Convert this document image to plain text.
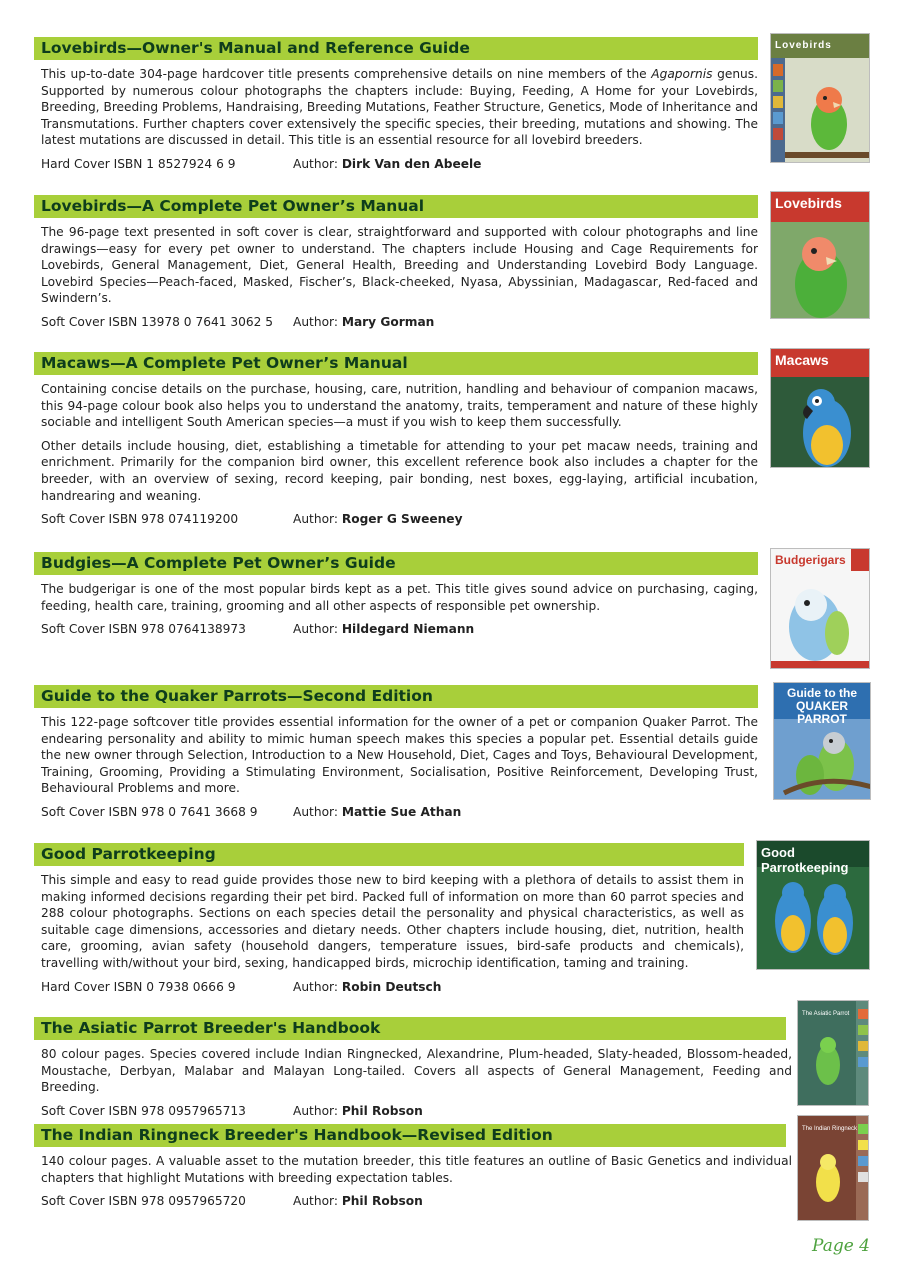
Lovebirds—Owner's Manual and Reference Guide

This up-to-date 304-page hardcover title presents comprehensive details on nine members of the Agapornis genus. Supported by numerous colour photographs the chapters include: Buying, Feeding, A Home for your Lovebirds, Breeding, Breeding Problems, Handraising, Breeding Mutations, Feather Structure, Genetics, Mode of Inheritance and Transmutations. Further chapters cover extensively the specific species, their breeding, mutations and showing. The latest mutations are discussed in detail. This title is an essential resource for all lovebird breeders.

Hard Cover ISBN 1 8527924 6 9	Author: Dirk Van den Abeele
Lovebirds
Lovebirds—A Complete Pet Owner’s Manual

The 96-page text presented in soft cover is clear, straightforward and supported with colour photographs and line drawings—easy for every pet owner to understand. The chapters include Housing and Cage Requirements for Lovebirds, General Management, Diet, General Health, Breeding and Understanding Lovebird Body Language. Lovebird Species—Peach-faced, Masked, Fischer’s, Black-cheeked, Nyasa, Abyssinian, Madagascar, Red-faced and Swindern’s.

Soft Cover ISBN 13978 0 7641 3062 5 Author: Mary Gorman
Lovebirds
Macaws—A Complete Pet Owner’s Manual

Containing concise details on the purchase, housing, care, nutrition, handling and behaviour of companion macaws, this 94-page colour book also helps you to understand the anatomy, traits, temperament and nature of these highly sociable and intelligent South American species—a must if you wish to keep them successfully.

Other details include housing, diet, establishing a timetable for attending to your pet macaw needs, training and enrichment. Primarily for the companion bird owner, this excellent reference book also includes a chapter for the breeder, with an overview of sexing, record keeping, pair bonding, nest boxes, egg-laying, artificial incubation, handrearing and weaning.

Soft Cover ISBN 978 074119200	Author: Roger G Sweeney
Macaws
Budgies—A Complete Pet Owner’s Guide

The budgerigar is one of the most popular birds kept as a pet. This title gives sound advice on purchasing, caging, feeding, health care, training, grooming and all other aspects of responsible pet ownership.

Soft Cover ISBN 978 0764138973	Author: Hildegard Niemann
Budgerigars
Guide to the Quaker Parrots—Second Edition

This 122-page softcover title provides essential information for the owner of a pet or companion Quaker Parrot. The endearing personality and ability to mimic human speech makes this species a popular pet. Essential details guide the new owner through Selection, Introduction to a New Household, Diet, Cages and Toys, Behavioural Development, Training, Grooming, Providing a Stimulating Environment, Socialisation, Positive Reinforcement, Developing Trust, Behavioural Problems and more.

Soft Cover ISBN 978 0 7641 3668 9	Author: Mattie Sue Athan
Guide to the QUAKER PARROT
Good Parrotkeeping

This simple and easy to read guide provides those new to bird keeping with a plethora of details to assist them in making informed decisions regarding their pet bird. Packed full of information on more than 60 parrot species and 288 colour photographs. Sections on each species detail the personality and physical characteristics, as well as suitable cage dimensions, accessories and dietary needs. Other chapters include housing, diet, nutrition, health care, grooming, avian safety (household dangers, temperature issues, bird-safe products and chemicals), travelling with/without your bird, sexing, handicapped birds, microchip identification, taming and training.

Hard Cover ISBN 0 7938 0666 9	Author: Robin Deutsch
Good Parrotkeeping
The Asiatic Parrot Breeder's Handbook

80 colour pages. Species covered include Indian Ringnecked, Alexandrine, Plum-headed, Slaty-headed, Blossom-headed, Moustache, Derbyan, Malabar and Malayan Long-tailed. Covers all aspects of General Management, Feeding and Breeding.

Soft Cover ISBN 978 0957965713	Author: Phil Robson
The Asiatic Parrot
The Indian Ringneck Breeder's Handbook—Revised Edition

140 colour pages. A valuable asset to the mutation breeder, this title features an outline of Basic Genetics and individual chapters that highlight Mutations with breeding expectation tables.

Soft Cover ISBN 978 0957965720	Author: Phil Robson
The Indian Ringneck
Page 4
